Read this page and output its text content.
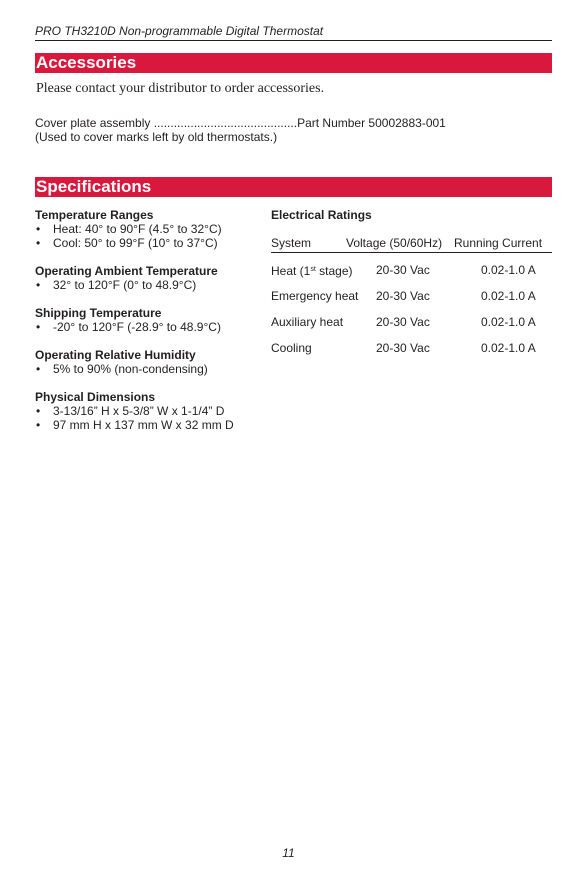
PRO TH3210D Non-programmable Digital Thermostat
Accessories
Please contact your distributor to order accessories.
Cover plate assembly ...........................................Part Number 50002883-001
(Used to cover marks left by old thermostats.)
Specifications
Temperature Ranges
• Heat: 40° to 90°F (4.5° to 32°C)
• Cool: 50° to 99°F (10° to 37°C)
Operating Ambient Temperature
• 32° to 120°F (0° to 48.9°C)
Shipping Temperature
• -20° to 120°F (-28.9° to 48.9°C)
Operating Relative Humidity
• 5% to 90% (non-condensing)
Physical Dimensions
• 3-13/16” H x 5-3/8” W x 1-1/4” D
• 97 mm H x 137 mm W x 32 mm D
Electrical Ratings
System	Voltage (50/60Hz) Running Current
Heat (1st stage) 20-30 Vac	0.02-1.0 A
Emergency heat 20-30 Vac	0.02-1.0 A
Auxiliary heat	20-30 Vac	0.02-1.0 A
Cooling	20-30 Vac	0.02-1.0 A
11
